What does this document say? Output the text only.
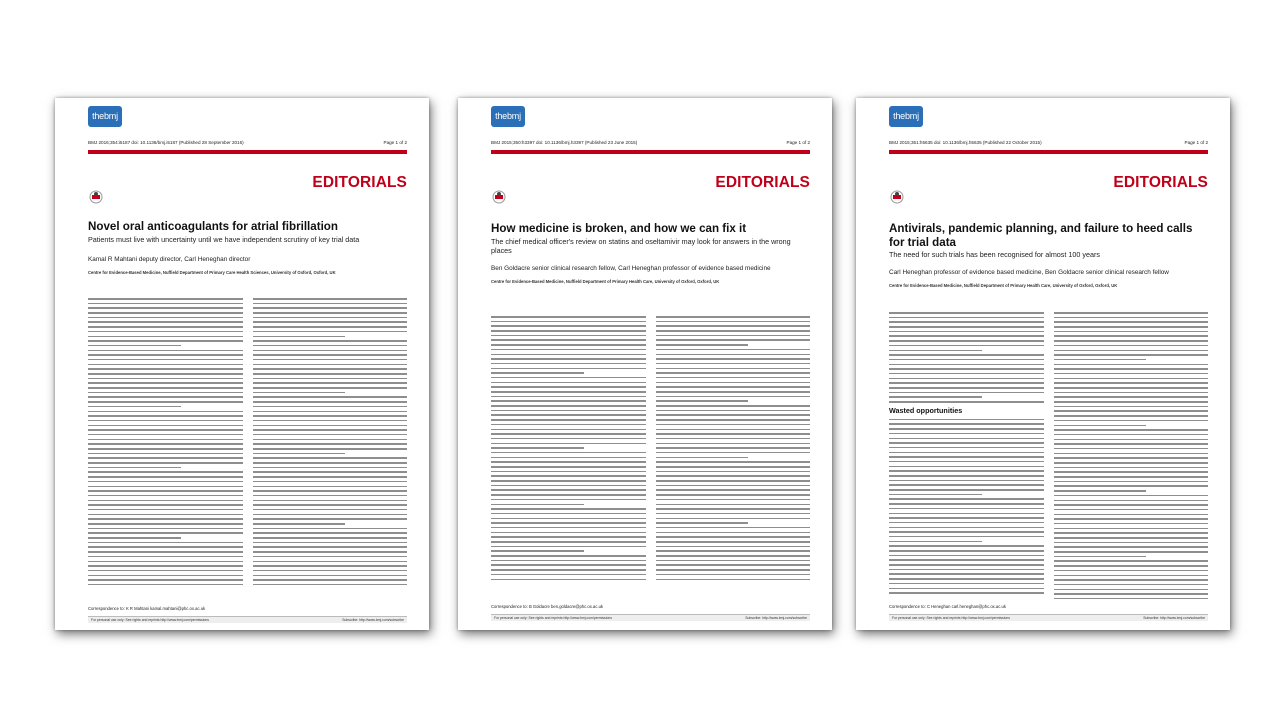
thebmj
BMJ 2016;354:i5187 doi: 10.1136/bmj.i5187 (Published 28 September 2016)	Page 1 of 2
EDITORIALS
Novel oral anticoagulants for atrial fibrillation
Patients must live with uncertainty until we have independent scrutiny of key trial data
Kamal R Mahtani deputy director, Carl Heneghan director
Centre for Evidence-Based Medicine, Nuffield Department of Primary Care Health Sciences, University of Oxford, Oxford, UK
Correspondence to: K R Mahtani kamal.mahtani@phc.ox.ac.uk
For personal use only: See rights and reprints http://www.bmj.com/permissions	Subscribe: http://www.bmj.com/subscribe
thebmj
BMJ 2015;350:h3397 doi: 10.1136/bmj.h3397 (Published 23 June 2015)	Page 1 of 2
EDITORIALS
How medicine is broken, and how we can fix it
The chief medical officer's review on statins and oseltamivir may look for answers in the wrong places
Ben Goldacre senior clinical research fellow, Carl Heneghan professor of evidence based medicine
Centre for Evidence-Based Medicine, Nuffield Department of Primary Health Care, University of Oxford, Oxford, UK
Correspondence to: B Goldacre ben.goldacre@phc.ox.ac.uk
For personal use only: See rights and reprints http://www.bmj.com/permissions	Subscribe: http://www.bmj.com/subscribe
thebmj
BMJ 2015;351:h5635 doi: 10.1136/bmj.h5635 (Published 22 October 2015)	Page 1 of 2
EDITORIALS
Antivirals, pandemic planning, and failure to heed calls for trial data
The need for such trials has been recognised for almost 100 years
Carl Heneghan professor of evidence based medicine, Ben Goldacre senior clinical research fellow
Centre for Evidence-Based Medicine, Nuffield Department of Primary Health Care, University of Oxford, Oxford, UK
Wasted opportunities
Correspondence to: C Heneghan carl.heneghan@phc.ox.ac.uk
For personal use only: See rights and reprints http://www.bmj.com/permissions	Subscribe: http://www.bmj.com/subscribe
